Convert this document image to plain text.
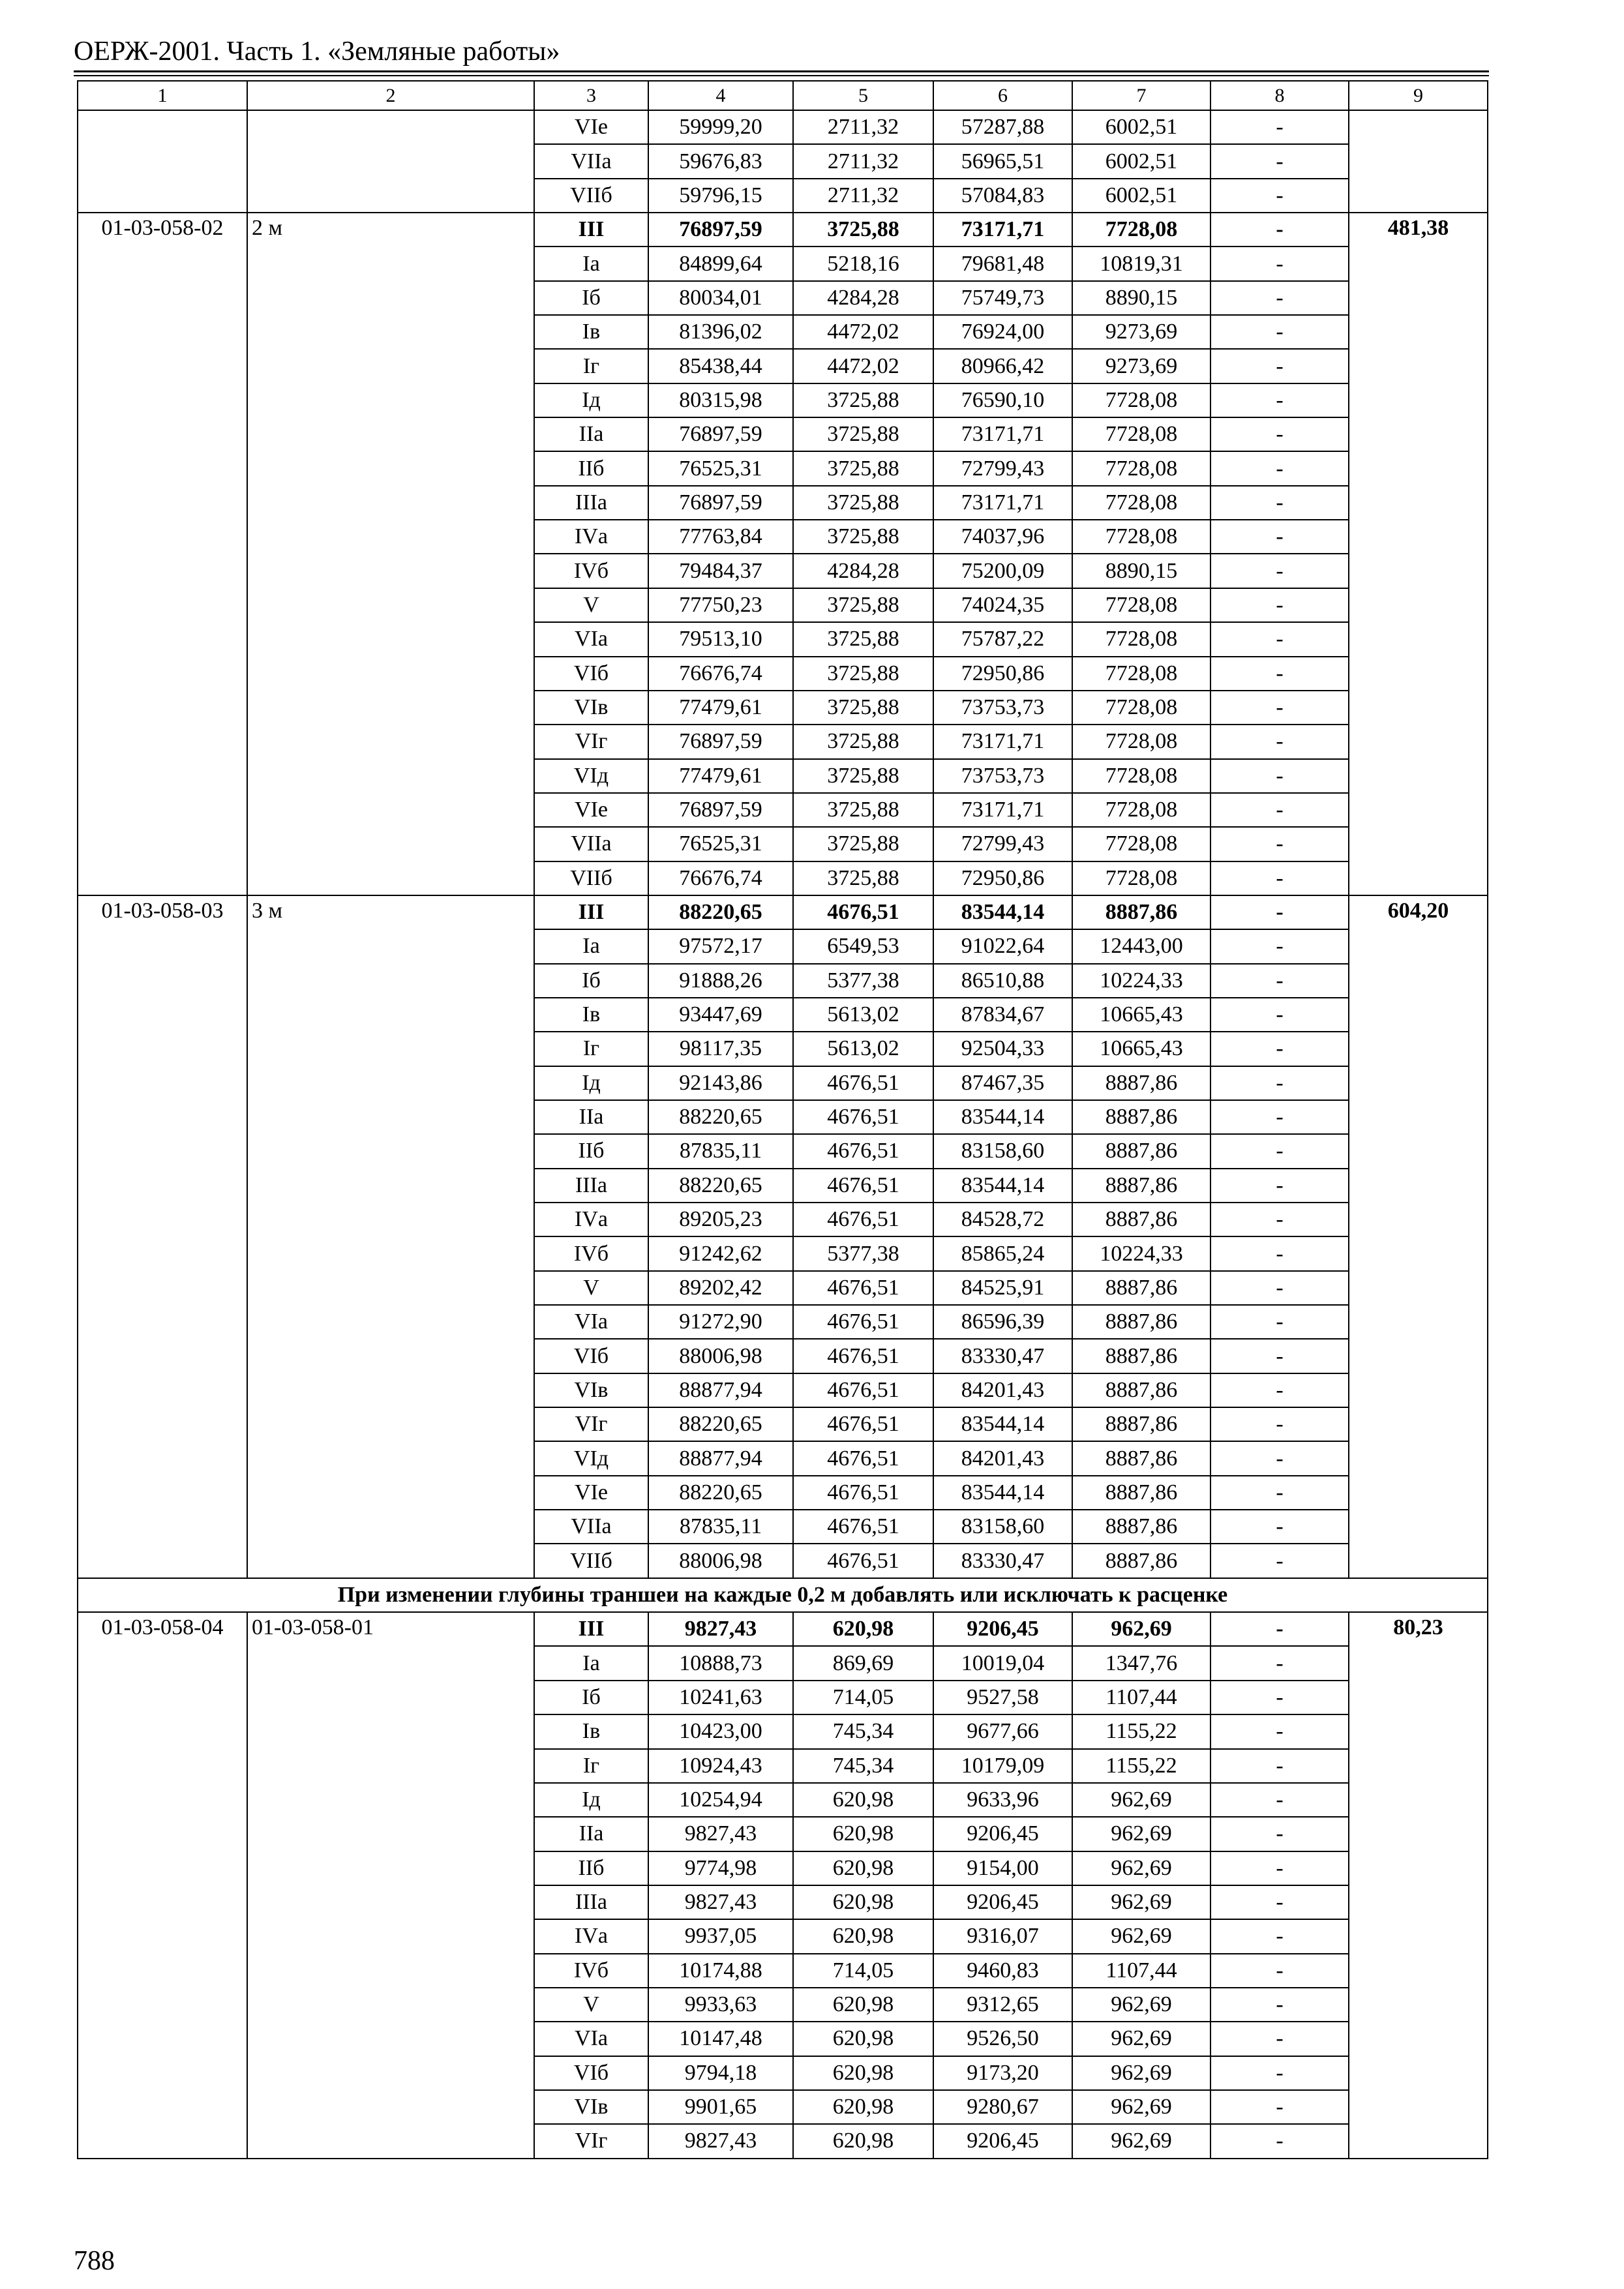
ОЕРЖ-2001. Часть 1. «Земляные работы»
1	2	3	4	5	6	7	8	9
		VIе	59999,20	2711,32	57287,88	6002,51	-	
		VIIа	59676,83	2711,32	56965,51	6002,51	-	
		VIIб	59796,15	2711,32	57084,83	6002,51	-	
01-03-058-02	2 м	III	76897,59	3725,88	73171,71	7728,08	-	481,38
		Iа	84899,64	5218,16	79681,48	10819,31	-	
		Iб	80034,01	4284,28	75749,73	8890,15	-	
		Iв	81396,02	4472,02	76924,00	9273,69	-	
		Iг	85438,44	4472,02	80966,42	9273,69	-	
		Iд	80315,98	3725,88	76590,10	7728,08	-	
		IIа	76897,59	3725,88	73171,71	7728,08	-	
		IIб	76525,31	3725,88	72799,43	7728,08	-	
		IIIа	76897,59	3725,88	73171,71	7728,08	-	
		IVа	77763,84	3725,88	74037,96	7728,08	-	
		IVб	79484,37	4284,28	75200,09	8890,15	-	
		V	77750,23	3725,88	74024,35	7728,08	-	
		VIа	79513,10	3725,88	75787,22	7728,08	-	
		VIб	76676,74	3725,88	72950,86	7728,08	-	
		VIв	77479,61	3725,88	73753,73	7728,08	-	
		VIг	76897,59	3725,88	73171,71	7728,08	-	
		VIд	77479,61	3725,88	73753,73	7728,08	-	
		VIе	76897,59	3725,88	73171,71	7728,08	-	
		VIIа	76525,31	3725,88	72799,43	7728,08	-	
		VIIб	76676,74	3725,88	72950,86	7728,08	-	
01-03-058-03	3 м	III	88220,65	4676,51	83544,14	8887,86	-	604,20
		Iа	97572,17	6549,53	91022,64	12443,00	-	
		Iб	91888,26	5377,38	86510,88	10224,33	-	
		Iв	93447,69	5613,02	87834,67	10665,43	-	
		Iг	98117,35	5613,02	92504,33	10665,43	-	
		Iд	92143,86	4676,51	87467,35	8887,86	-	
		IIа	88220,65	4676,51	83544,14	8887,86	-	
		IIб	87835,11	4676,51	83158,60	8887,86	-	
		IIIа	88220,65	4676,51	83544,14	8887,86	-	
		IVа	89205,23	4676,51	84528,72	8887,86	-	
		IVб	91242,62	5377,38	85865,24	10224,33	-	
		V	89202,42	4676,51	84525,91	8887,86	-	
		VIа	91272,90	4676,51	86596,39	8887,86	-	
		VIб	88006,98	4676,51	83330,47	8887,86	-	
		VIв	88877,94	4676,51	84201,43	8887,86	-	
		VIг	88220,65	4676,51	83544,14	8887,86	-	
		VIд	88877,94	4676,51	84201,43	8887,86	-	
		VIе	88220,65	4676,51	83544,14	8887,86	-	
		VIIа	87835,11	4676,51	83158,60	8887,86	-	
		VIIб	88006,98	4676,51	83330,47	8887,86	-	
При изменении глубины траншеи на каждые 0,2 м добавлять или исключать к расценке								
01-03-058-04	01-03-058-01	III	9827,43	620,98	9206,45	962,69	-	80,23
		Iа	10888,73	869,69	10019,04	1347,76	-	
		Iб	10241,63	714,05	9527,58	1107,44	-	
		Iв	10423,00	745,34	9677,66	1155,22	-	
		Iг	10924,43	745,34	10179,09	1155,22	-	
		Iд	10254,94	620,98	9633,96	962,69	-	
		IIа	9827,43	620,98	9206,45	962,69	-	
		IIб	9774,98	620,98	9154,00	962,69	-	
		IIIа	9827,43	620,98	9206,45	962,69	-	
		IVа	9937,05	620,98	9316,07	962,69	-	
		IVб	10174,88	714,05	9460,83	1107,44	-	
		V	9933,63	620,98	9312,65	962,69	-	
		VIа	10147,48	620,98	9526,50	962,69	-	
		VIб	9794,18	620,98	9173,20	962,69	-	
		VIв	9901,65	620,98	9280,67	962,69	-	
		VIг	9827,43	620,98	9206,45	962,69	-	
788
